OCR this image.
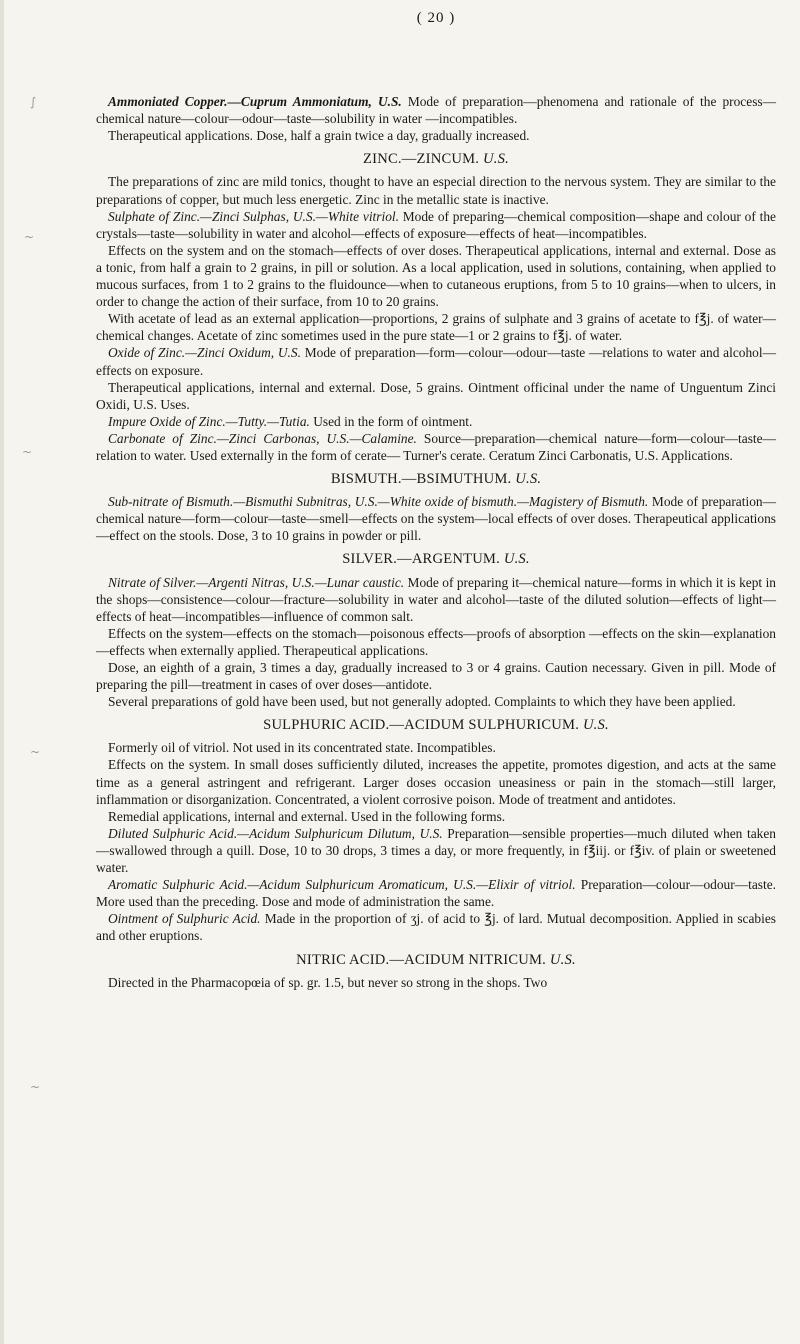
( 20 )

Ammoniated Copper.—Cuprum Ammoniatum, U.S. Mode of preparation—phenomena and rationale of the process—chemical nature—colour—odour—taste—solubility in water —incompatibles.

Therapeutical applications. Dose, half a grain twice a day, gradually increased.

ZINC.—ZINCUM. U.S.

The preparations of zinc are mild tonics, thought to have an especial direction to the nervous system. They are similar to the preparations of copper, but much less energetic. Zinc in the metallic state is inactive.

Sulphate of Zinc.—Zinci Sulphas, U.S.—White vitriol. Mode of preparing—chemical composition—shape and colour of the crystals—taste—solubility in water and alcohol—effects of exposure—effects of heat—incompatibles.

Effects on the system and on the stomach—effects of over doses. Therapeutical applications, internal and external. Dose as a tonic, from half a grain to 2 grains, in pill or solution. As a local application, used in solutions, containing, when applied to mucous surfaces, from 1 to 2 grains to the fluidounce—when to cutaneous eruptions, from 5 to 10 grains—when to ulcers, in order to change the action of their surface, from 10 to 20 grains.

With acetate of lead as an external application—proportions, 2 grains of sulphate and 3 grains of acetate to f℥j. of water—chemical changes. Acetate of zinc sometimes used in the pure state—1 or 2 grains to f℥j. of water.

Oxide of Zinc.—Zinci Oxidum, U.S. Mode of preparation—form—colour—odour—taste —relations to water and alcohol—effects on exposure.

Therapeutical applications, internal and external. Dose, 5 grains. Ointment officinal under the name of Unguentum Zinci Oxidi, U.S. Uses.

Impure Oxide of Zinc.—Tutty.—Tutia. Used in the form of ointment.

Carbonate of Zinc.—Zinci Carbonas, U.S.—Calamine. Source—preparation—chemical nature—form—colour—taste—relation to water. Used externally in the form of cerate— Turner's cerate. Ceratum Zinci Carbonatis, U.S. Applications.

BISMUTH.—BSIMUTHUM. U.S.

Sub-nitrate of Bismuth.—Bismuthi Subnitras, U.S.—White oxide of bismuth.—Magistery of Bismuth. Mode of preparation—chemical nature—form—colour—taste—smell—effects on the system—local effects of over doses. Therapeutical applications—effect on the stools. Dose, 3 to 10 grains in powder or pill.

SILVER.—ARGENTUM. U.S.

Nitrate of Silver.—Argenti Nitras, U.S.—Lunar caustic. Mode of preparing it—chemical nature—forms in which it is kept in the shops—consistence—colour—fracture—solubility in water and alcohol—taste of the diluted solution—effects of light—effects of heat—incompatibles—influence of common salt.

Effects on the system—effects on the stomach—poisonous effects—proofs of absorption —effects on the skin—explanation—effects when externally applied. Therapeutical applications.

Dose, an eighth of a grain, 3 times a day, gradually increased to 3 or 4 grains. Caution necessary. Given in pill. Mode of preparing the pill—treatment in cases of over doses—antidote.

Several preparations of gold have been used, but not generally adopted. Complaints to which they have been applied.

SULPHURIC ACID.—ACIDUM SULPHURICUM. U.S.

Formerly oil of vitriol. Not used in its concentrated state. Incompatibles.

Effects on the system. In small doses sufficiently diluted, increases the appetite, promotes digestion, and acts at the same time as a general astringent and refrigerant. Larger doses occasion uneasiness or pain in the stomach—still larger, inflammation or disorganization. Concentrated, a violent corrosive poison. Mode of treatment and antidotes.

Remedial applications, internal and external. Used in the following forms.

Diluted Sulphuric Acid.—Acidum Sulphuricum Dilutum, U.S. Preparation—sensible properties—much diluted when taken—swallowed through a quill. Dose, 10 to 30 drops, 3 times a day, or more frequently, in f℥iij. or f℥iv. of plain or sweetened water.

Aromatic Sulphuric Acid.—Acidum Sulphuricum Aromaticum, U.S.—Elixir of vitriol. Preparation—colour—odour—taste. More used than the preceding. Dose and mode of administration the same.

Ointment of Sulphuric Acid. Made in the proportion of ʒj. of acid to ℥j. of lard. Mutual decomposition. Applied in scabies and other eruptions.

NITRIC ACID.—ACIDUM NITRICUM. U.S.

Directed in the Pharmacopœia of sp. gr. 1.5, but never so strong in the shops. Two

∫
~
~
~
~
